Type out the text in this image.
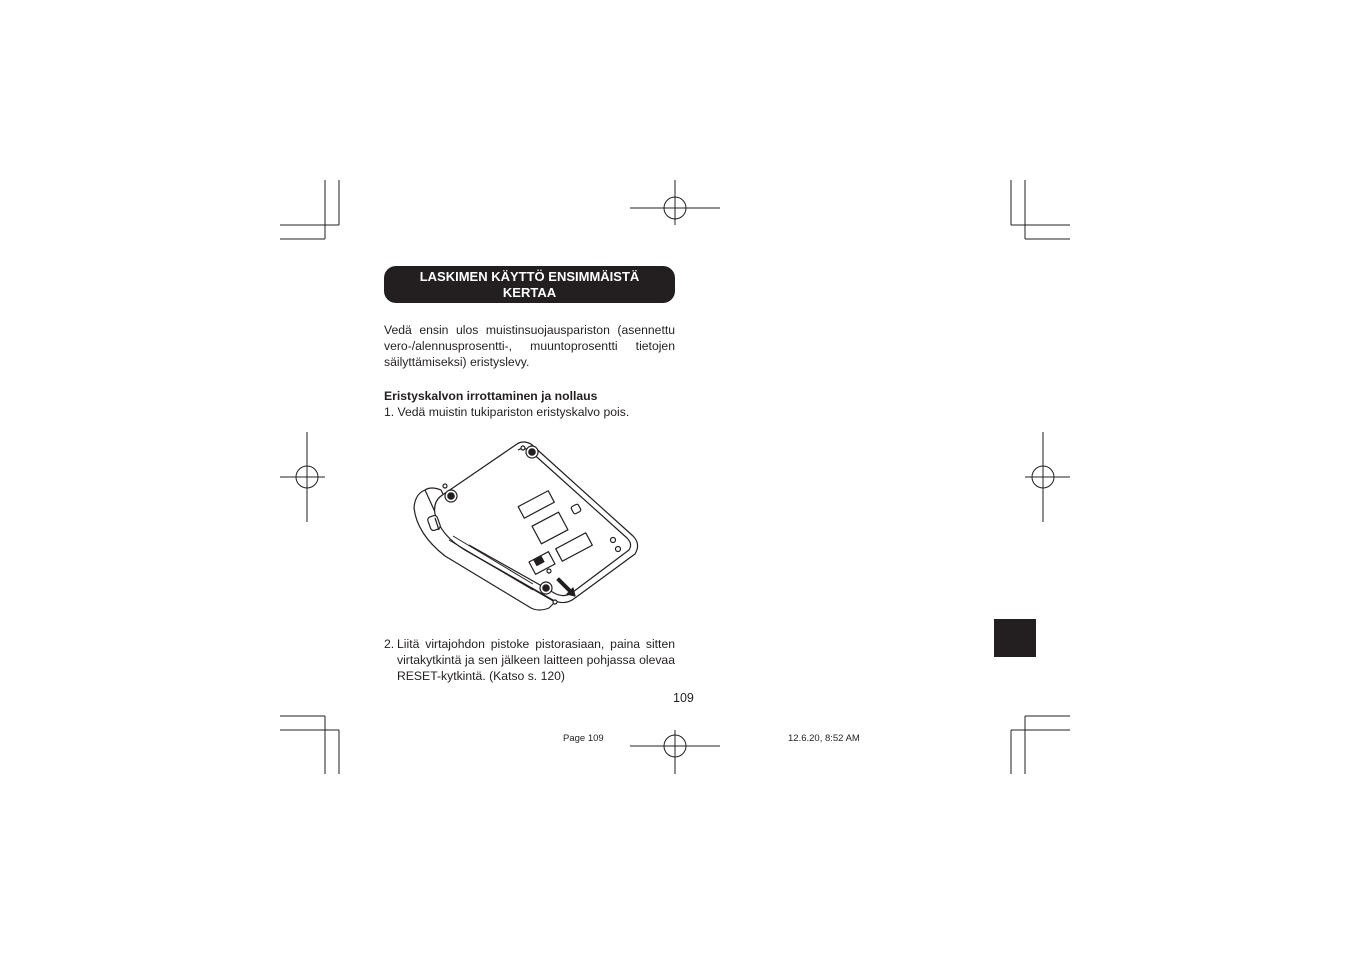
LASKIMEN KÄYTTÖ ENSIMMÄISTÄ
KERTAA
Vedä ensin ulos muistinsuojauspariston (asennettu vero-/alennusprosentti-, muuntoprosentti tietojen säilyttämiseksi) eristyslevy.
Eristyskalvon irrottaminen ja nollaus
1. Vedä muistin tukipariston eristyskalvo pois.
2. Liitä virtajohdon pistoke pistorasiaan, paina sitten virtakytkintä ja sen jälkeen laitteen pohjassa olevaa RESET-kytkintä. (Katso s. 120)
109
Page 109	12.6.20, 8:52 AM
